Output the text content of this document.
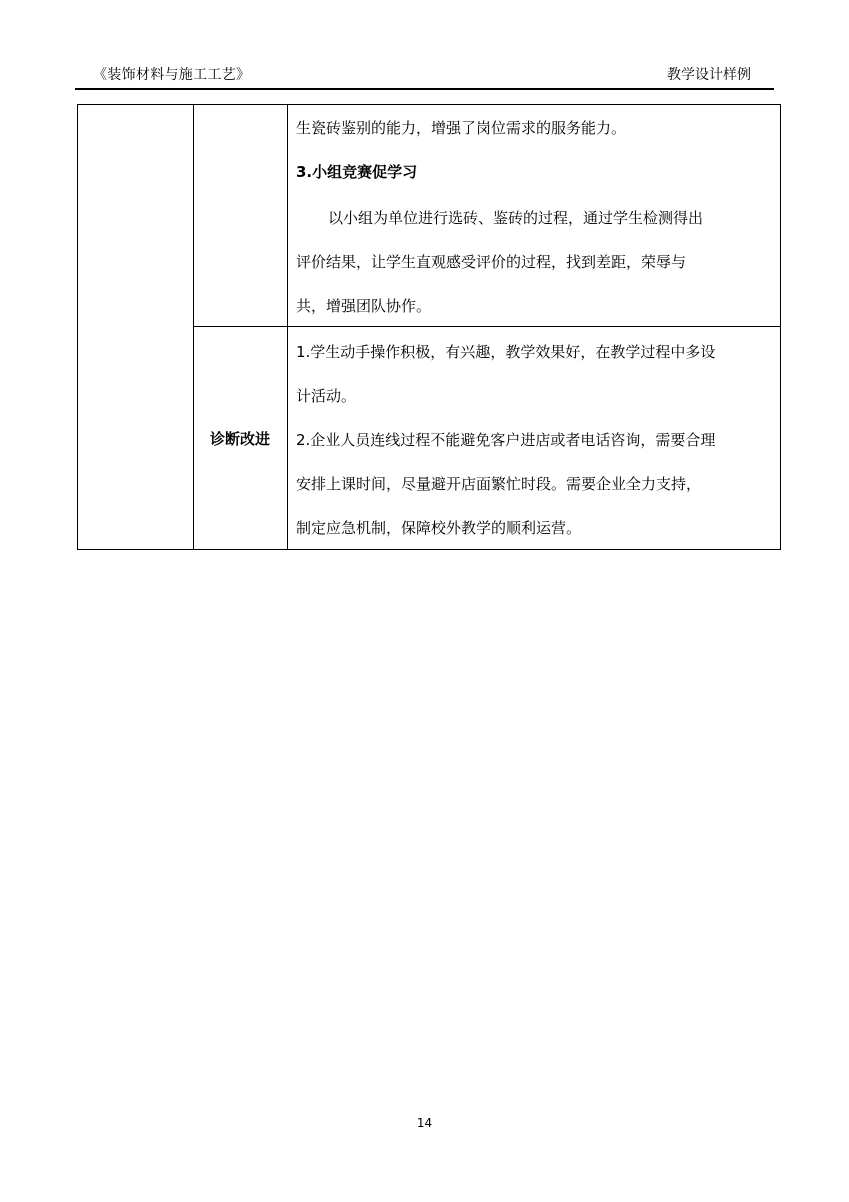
《装饰材料与施工工艺》	教学设计样例
生瓷砖鉴别的能力，增强了岗位需求的服务能力。
3.小组竞赛促学习
以小组为单位进行选砖、鉴砖的过程，通过学生检测得出
评价结果，让学生直观感受评价的过程，找到差距，荣辱与
共，增强团队协作。
诊断改进
1.学生动手操作积极，有兴趣，教学效果好，在教学过程中多设
计活动。
2.企业人员连线过程不能避免客户进店或者电话咨询，需要合理
安排上课时间，尽量避开店面繁忙时段。需要企业全力支持，
制定应急机制，保障校外教学的顺利运营。
14
